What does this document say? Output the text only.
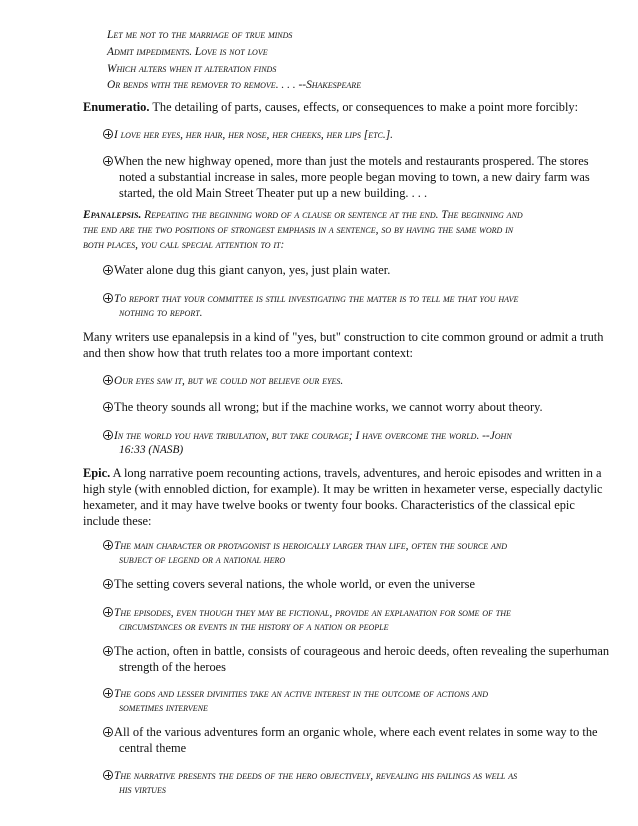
Let me not to the marriage of true minds
Admit impediments. Love is not love
Which alters when it alteration finds
Or bends with the remover to remove. . . . --Shakespeare
Enumeratio. The detailing of parts, causes, effects, or consequences to make a point more forcibly:
I love her eyes, her hair, her nose, her cheeks, her lips [etc.].
When the new highway opened, more than just the motels and restaurants prospered. The stores
noted a substantial increase in sales, more people began moving to town, a new dairy farm was
started, the old Main Street Theater put up a new building. . . .
Epanalepsis. Repeating the beginning word of a clause or sentence at the end. The beginning and
the end are the two positions of strongest emphasis in a sentence, so by having the same word in
both places, you call special attention to it:
Water alone dug this giant canyon, yes, just plain water.
To report that your committee is still investigating the matter is to tell me that you have
nothing to report.
Many writers use epanalepsis in a kind of "yes, but" construction to cite common ground or admit a truth
and then show how that truth relates too a more important context:
Our eyes saw it, but we could not believe our eyes.
The theory sounds all wrong; but if the machine works, we cannot worry about theory.
In the world you have tribulation, but take courage; I have overcome the world. --John
16:33 (NASB)
Epic. A long narrative poem recounting actions, travels, adventures, and heroic episodes and written in a
high style (with ennobled diction, for example). It may be written in hexameter verse, especially dactylic
hexameter, and it may have twelve books or twenty four books. Characteristics of the classical epic
include these:
The main character or protagonist is heroically larger than life, often the source and
subject of legend or a national hero
The setting covers several nations, the whole world, or even the universe
The episodes, even though they may be fictional, provide an explanation for some of the
circumstances or events in the history of a nation or people
The action, often in battle, consists of courageous and heroic deeds, often revealing the superhuman
strength of the heroes
The gods and lesser divinities take an active interest in the outcome of actions and
sometimes intervene
All of the various adventures form an organic whole, where each event relates in some way to the
central theme
The narrative presents the deeds of the hero objectively, revealing his failings as well as
his virtues
